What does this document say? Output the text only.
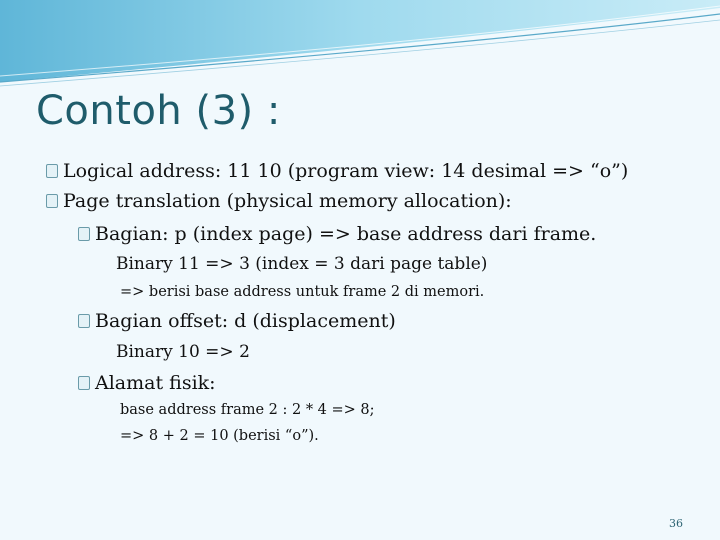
Contoh (3) :
Logical address: 11 10 (program view: 14 desimal => “o”)
Page translation (physical memory allocation):
Bagian: p (index page) => base address dari frame.
Binary 11 => 3 (index = 3 dari page table)
=> berisi base address untuk frame 2 di memori.
Bagian offset: d (displacement)
Binary 10 => 2
Alamat fisik:
base address frame 2 : 2 * 4 => 8;
=> 8 + 2 = 10 (berisi “o”).
36
